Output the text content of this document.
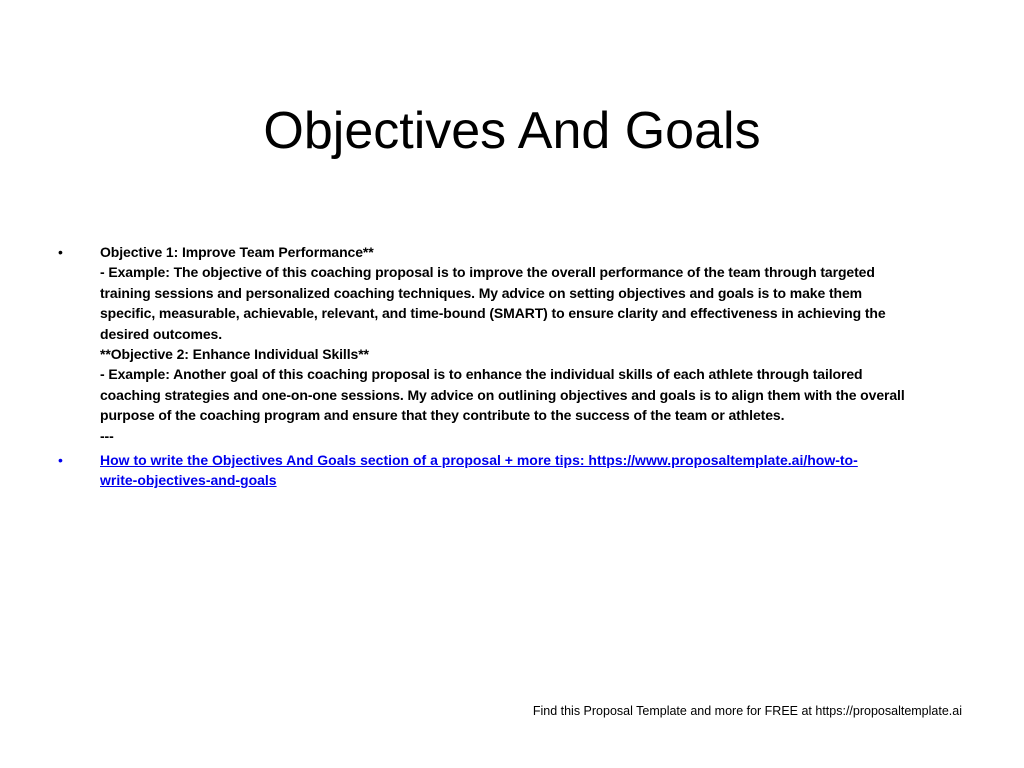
Objectives And Goals
•	Objective 1: Improve Team Performance**
- Example: The objective of this coaching proposal is to improve the overall performance of the team through targeted
training sessions and personalized coaching techniques. My advice on setting objectives and goals is to make them
specific, measurable, achievable, relevant, and time-bound (SMART) to ensure clarity and effectiveness in achieving the
desired outcomes.
**Objective 2: Enhance Individual Skills**
- Example: Another goal of this coaching proposal is to enhance the individual skills of each athlete through tailored
coaching strategies and one-on-one sessions. My advice on outlining objectives and goals is to align them with the overall
purpose of the coaching program and ensure that they contribute to the success of the team or athletes.
---
•	How to write the Objectives And Goals section of a proposal + more tips: https://www.proposaltemplate.ai/how-to-
write-objectives-and-goals
Find this Proposal Template and more for FREE at https://proposaltemplate.ai
